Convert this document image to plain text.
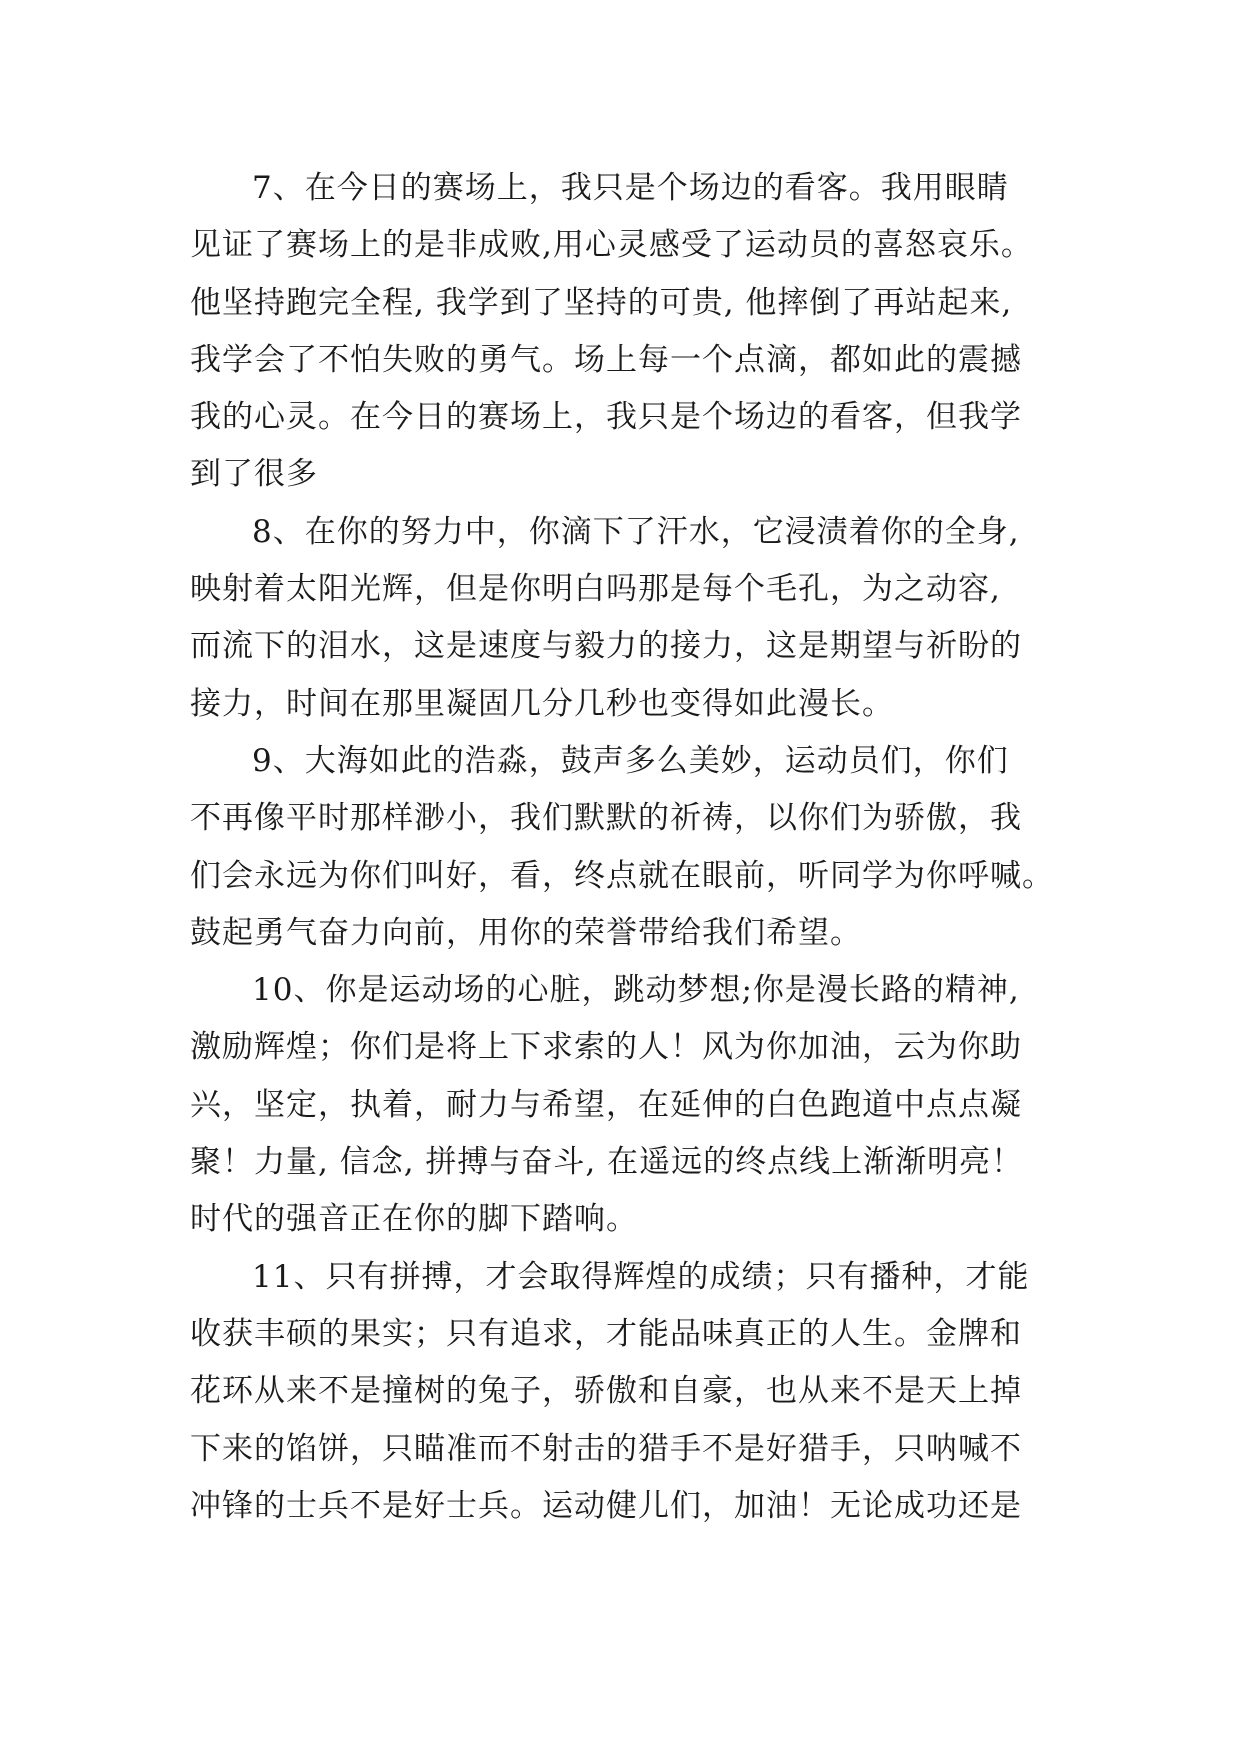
7、在今日的赛场上，我只是个场边的看客。我用眼睛
见证了赛场上的是非成败,用心灵感受了运动员的喜怒哀乐。
他坚持跑完全程, 我学到了坚持的可贵, 他摔倒了再站起来,
我学会了不怕失败的勇气。场上每一个点滴，都如此的震撼
我的心灵。在今日的赛场上，我只是个场边的看客，但我学
到了很多
8、在你的努力中，你滴下了汗水，它浸渍着你的全身,
映射着太阳光辉，但是你明白吗那是每个毛孔，为之动容,
而流下的泪水，这是速度与毅力的接力，这是期望与祈盼的
接力，时间在那里凝固几分几秒也变得如此漫长。
9、大海如此的浩淼，鼓声多么美妙，运动员们，你们
不再像平时那样渺小，我们默默的祈祷，以你们为骄傲，我
们会永远为你们叫好，看，终点就在眼前，听同学为你呼喊。
鼓起勇气奋力向前，用你的荣誉带给我们希望。
10、你是运动场的心脏，跳动梦想;你是漫长路的精神,
激励辉煌；你们是将上下求索的人！风为你加油，云为你助
兴，坚定，执着，耐力与希望，在延伸的白色跑道中点点凝
聚！力量, 信念, 拼搏与奋斗, 在遥远的终点线上渐渐明亮！
时代的强音正在你的脚下踏响。
11、只有拼搏，才会取得辉煌的成绩；只有播种，才能
收获丰硕的果实；只有追求，才能品味真正的人生。金牌和
花环从来不是撞树的兔子，骄傲和自豪，也从来不是天上掉
下来的馅饼，只瞄准而不射击的猎手不是好猎手，只呐喊不
冲锋的士兵不是好士兵。运动健儿们，加油！无论成功还是
